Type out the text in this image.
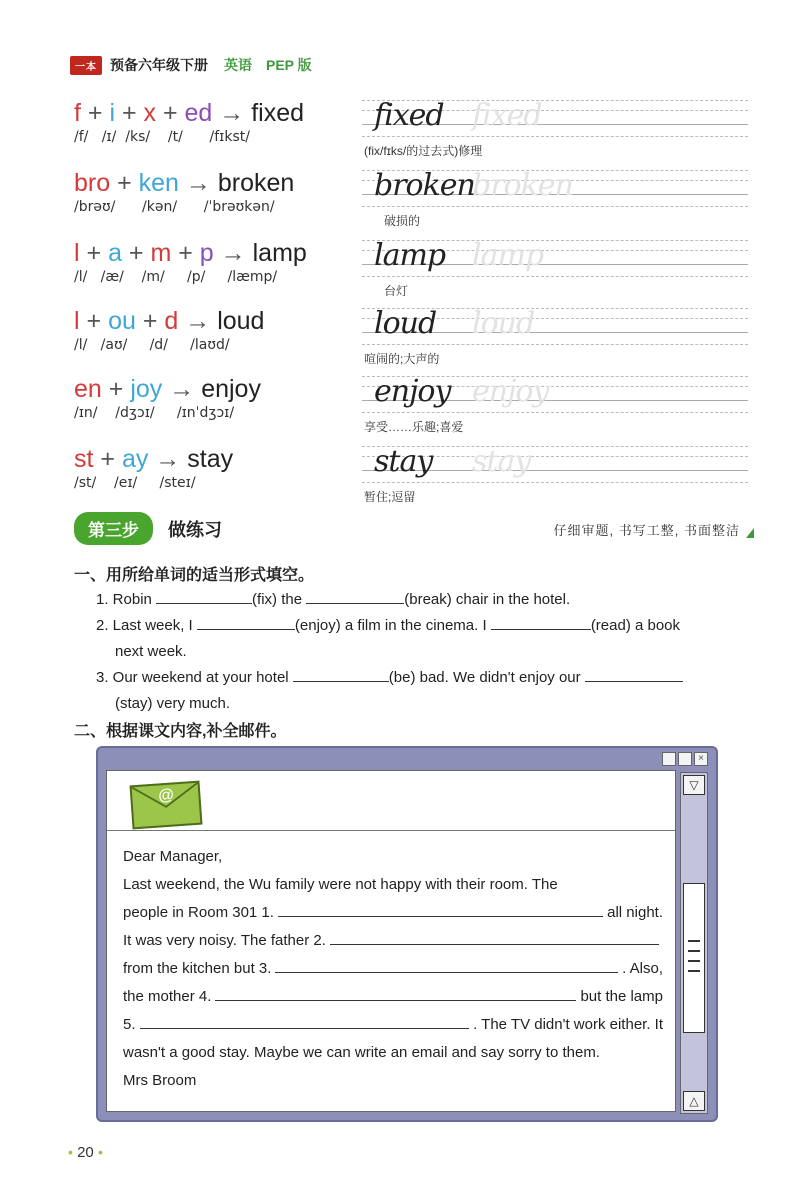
一本 预备六年级下册 英语 PEP 版
f + i + x + ed → fixed
/f/   /ɪ/  /ks/    /t/      /fɪkst/
bro + ken → broken
/brəʊ/      /kən/      /ˈbrəʊkən/
l + a + m + p → lamp
/l/   /æ/    /m/     /p/     /læmp/
l + ou + d → loud
/l/   /aʊ/     /d/     /laʊd/
en + joy → enjoy
/ɪn/    /dʒɔɪ/     /ɪnˈdʒɔɪ/
st + ay → stay
/st/    /eɪ/     /steɪ/
fixed fixed
(fix/fɪks/的过去式)修理
broken
broken
破损的
lamp lamp
台灯
loud loud
喧闹的;大声的
enjoy enjoy
享受……乐趣;喜爱
stay stay
暂住;逗留
第三步	做练习	仔细审题, 书写工整, 书面整洁
一、用所给单词的适当形式填空。
1. Robin	(fix) the	(break) chair in the hotel.
2. Last week, I	(enjoy) a film in the cinema. I	(read) a book
next week.
3. Our weekend at your hotel	(be) bad. We didn't enjoy our
(stay) very much.
二、根据课文内容,补全邮件。
×
@
Dear Manager,
Last weekend, the Wu family were not happy with their room. The
people in Room 301 1.	all night.
It was very noisy. The father 2.
from the kitchen but 3.	. Also,
the mother 4.	but the lamp
5.	. The TV didn't work either. It
wasn't a good stay. Maybe we can write an email and say sorry to them.
Mrs Broom
▽
△
• 20 •
